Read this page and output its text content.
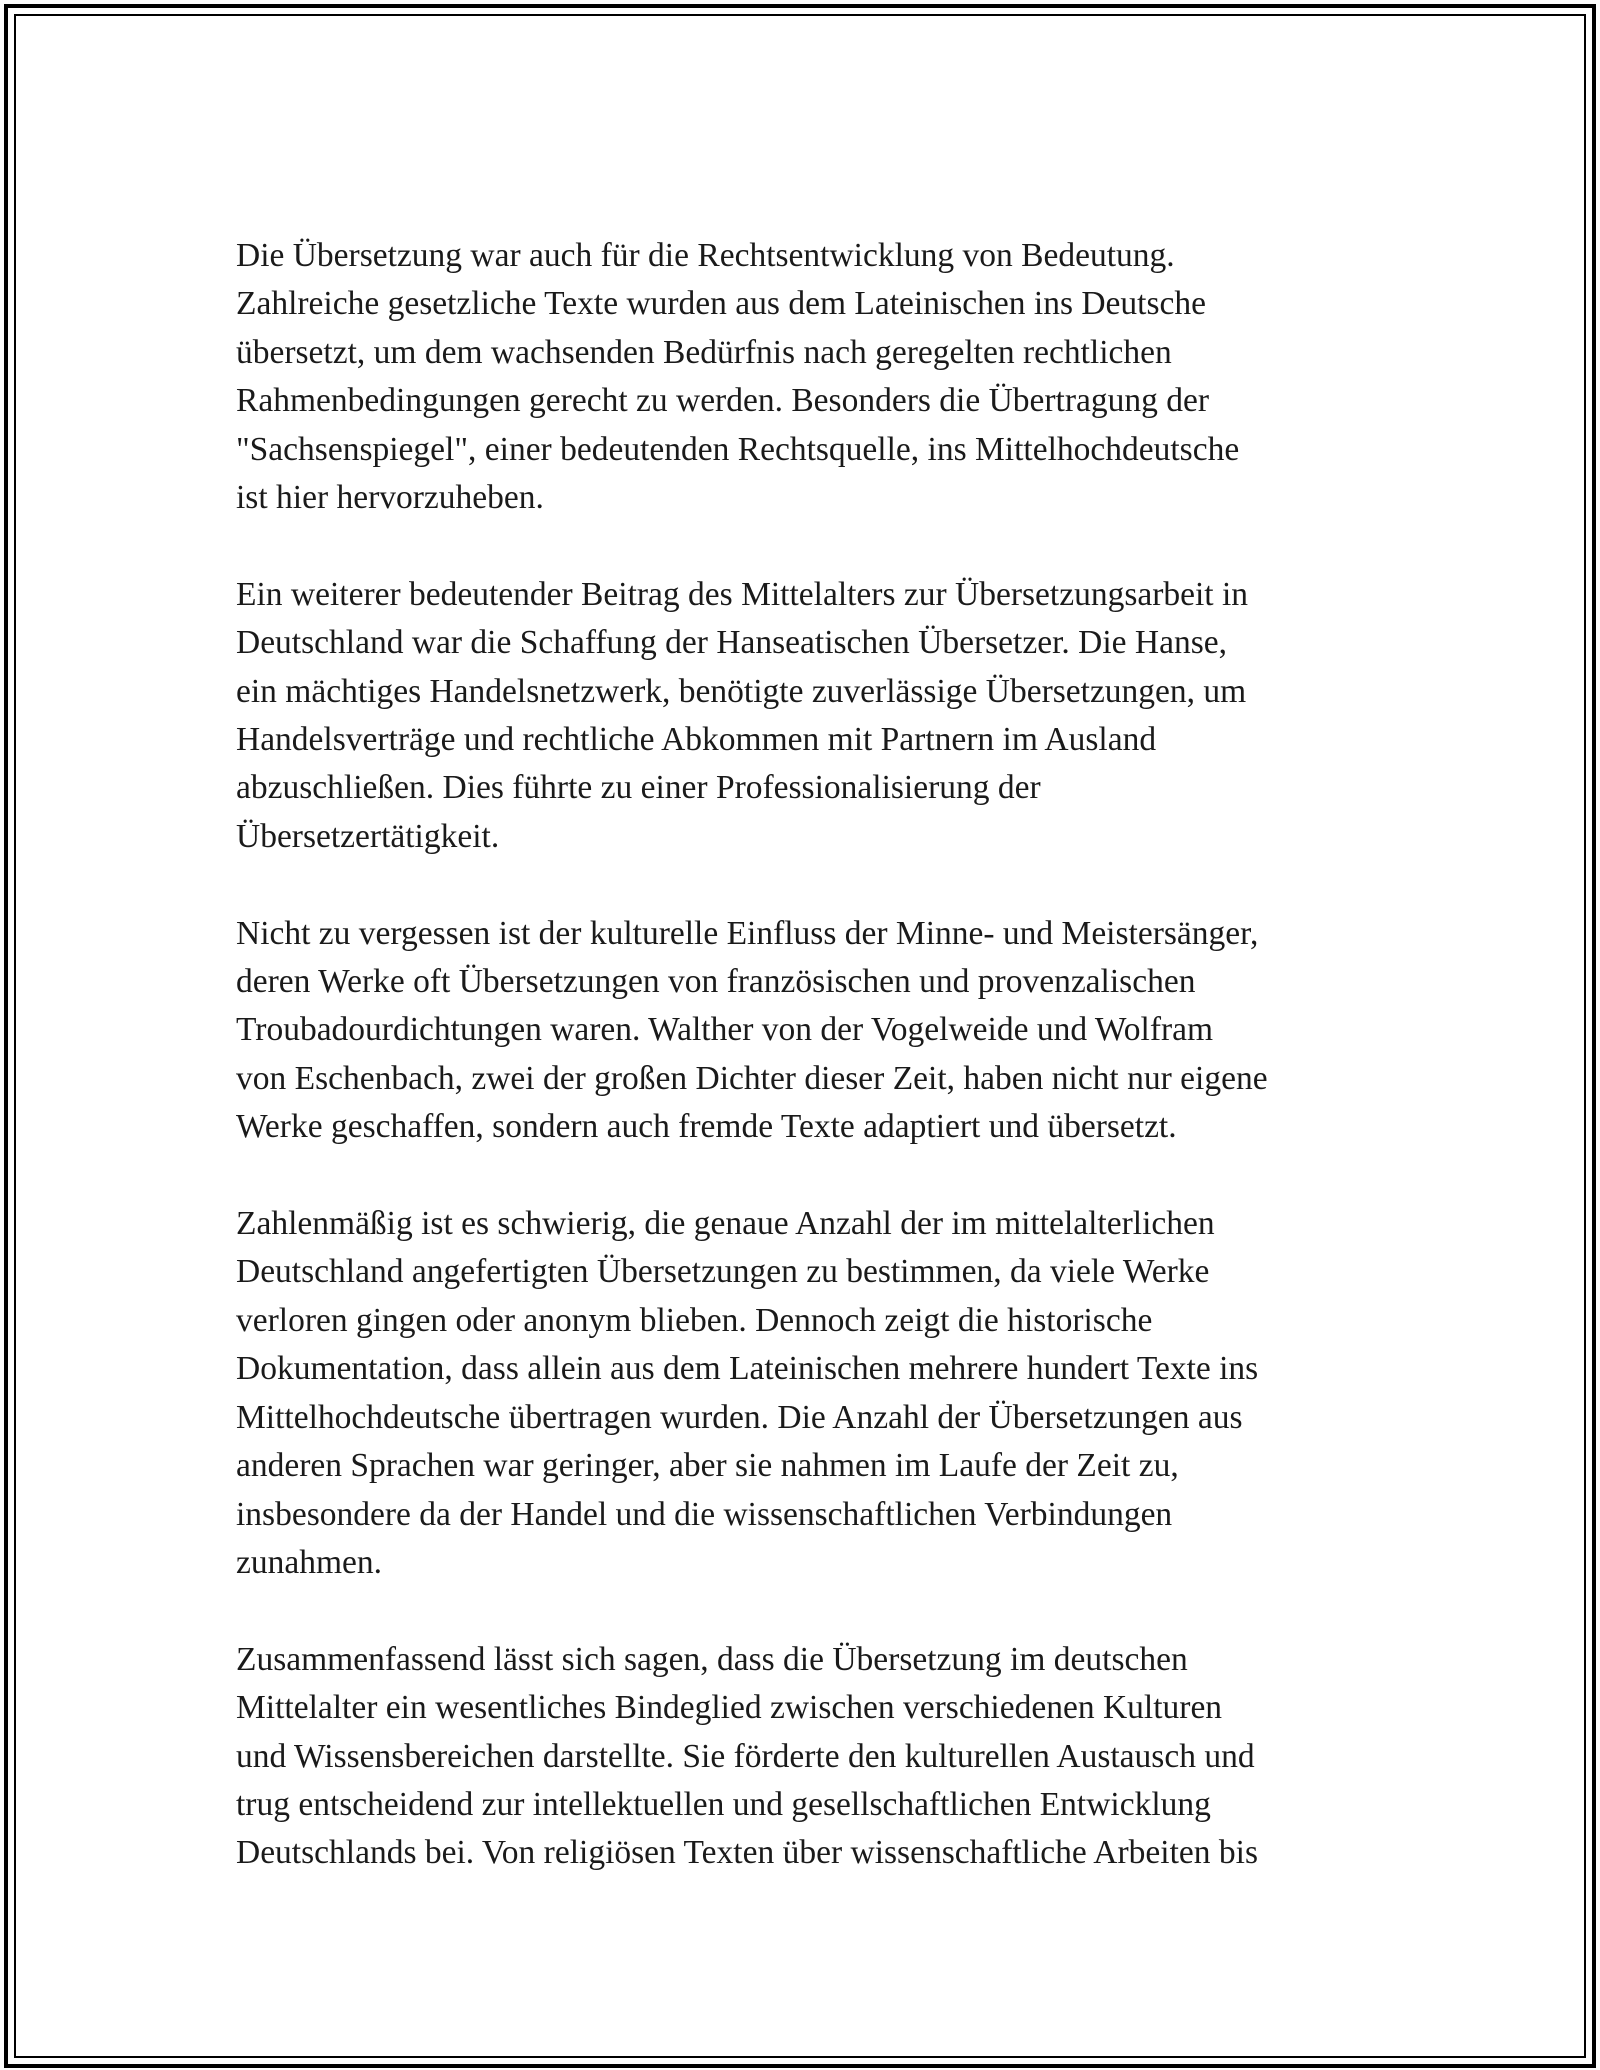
Die Übersetzung war auch für die Rechtsentwicklung von Bedeutung.
Zahlreiche gesetzliche Texte wurden aus dem Lateinischen ins Deutsche
übersetzt, um dem wachsenden Bedürfnis nach geregelten rechtlichen
Rahmenbedingungen gerecht zu werden. Besonders die Übertragung der
"Sachsenspiegel", einer bedeutenden Rechtsquelle, ins Mittelhochdeutsche
ist hier hervorzuheben.

Ein weiterer bedeutender Beitrag des Mittelalters zur Übersetzungsarbeit in
Deutschland war die Schaffung der Hanseatischen Übersetzer. Die Hanse,
ein mächtiges Handelsnetzwerk, benötigte zuverlässige Übersetzungen, um
Handelsverträge und rechtliche Abkommen mit Partnern im Ausland
abzuschließen. Dies führte zu einer Professionalisierung der
Übersetzertätigkeit.

Nicht zu vergessen ist der kulturelle Einfluss der Minne- und Meistersänger,
deren Werke oft Übersetzungen von französischen und provenzalischen
Troubadourdichtungen waren. Walther von der Vogelweide und Wolfram
von Eschenbach, zwei der großen Dichter dieser Zeit, haben nicht nur eigene
Werke geschaffen, sondern auch fremde Texte adaptiert und übersetzt.

Zahlenmäßig ist es schwierig, die genaue Anzahl der im mittelalterlichen
Deutschland angefertigten Übersetzungen zu bestimmen, da viele Werke
verloren gingen oder anonym blieben. Dennoch zeigt die historische
Dokumentation, dass allein aus dem Lateinischen mehrere hundert Texte ins
Mittelhochdeutsche übertragen wurden. Die Anzahl der Übersetzungen aus
anderen Sprachen war geringer, aber sie nahmen im Laufe der Zeit zu,
insbesondere da der Handel und die wissenschaftlichen Verbindungen
zunahmen.

Zusammenfassend lässt sich sagen, dass die Übersetzung im deutschen
Mittelalter ein wesentliches Bindeglied zwischen verschiedenen Kulturen
und Wissensbereichen darstellte. Sie förderte den kulturellen Austausch und
trug entscheidend zur intellektuellen und gesellschaftlichen Entwicklung
Deutschlands bei. Von religiösen Texten über wissenschaftliche Arbeiten bis
